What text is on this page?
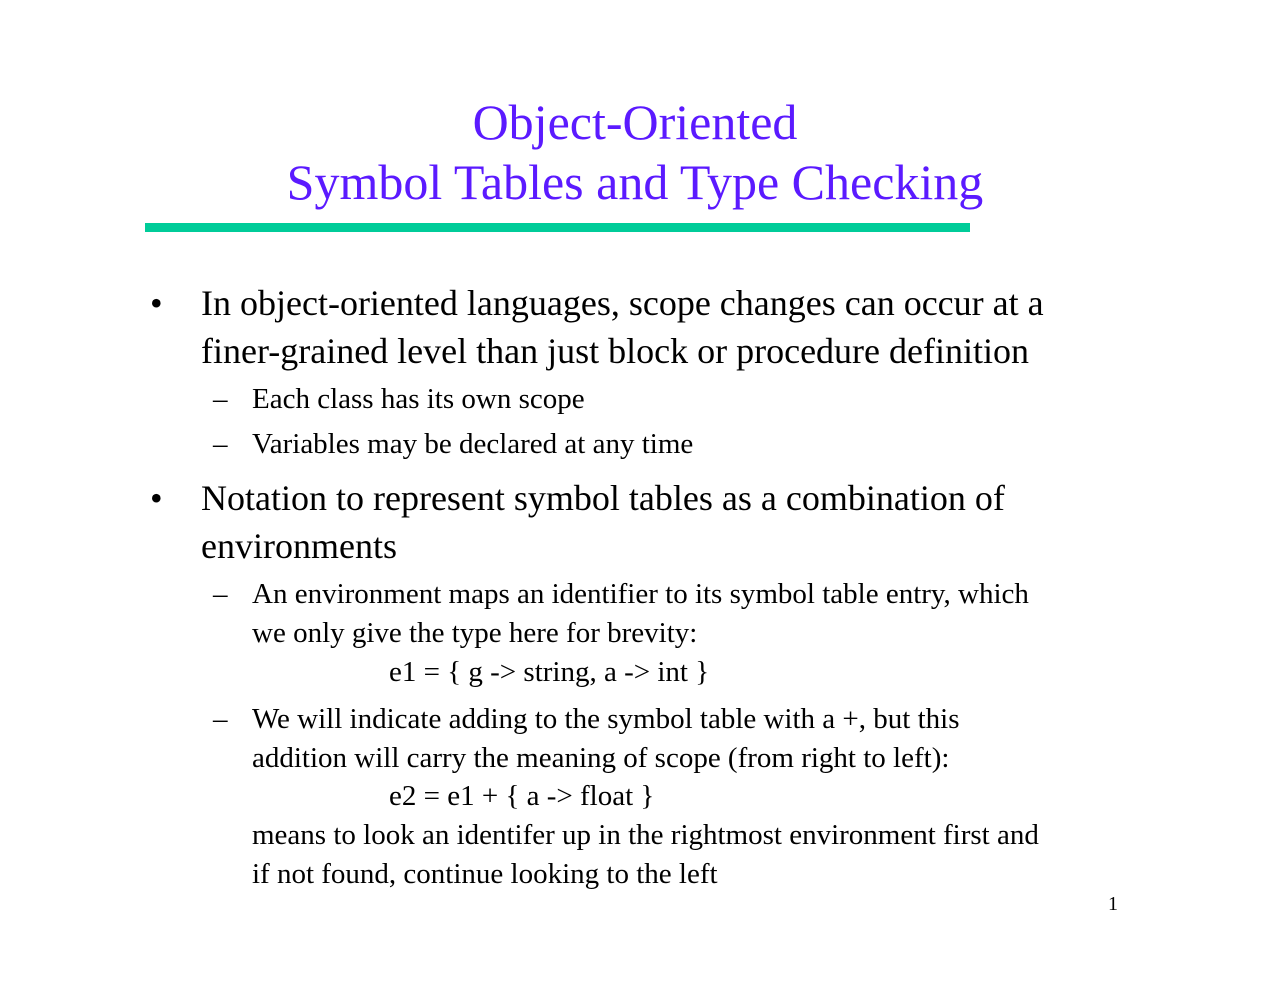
Object-Oriented
Symbol Tables and Type Checking
•	In object-oriented languages, scope changes can occur at a
finer-grained level than just block or procedure definition
– Each class has its own scope
– Variables may be declared at any time
•	Notation to represent symbol tables as a combination of
environments
– An environment maps an identifier to its symbol table entry, which
we only give the type here for brevity:
e1 = { g -> string, a -> int }
– We will indicate adding to the symbol table with a +, but this
addition will carry the meaning of scope (from right to left):
e2 = e1 + { a -> float }
means to look an identifer up in the rightmost environment first and
if not found, continue looking to the left
1
